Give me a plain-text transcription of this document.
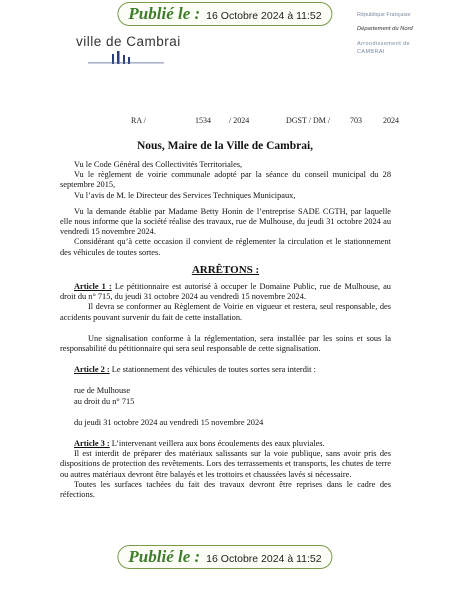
Publié le : 16 Octobre 2024 à 11:52
ville de Cambrai
République Française
Département du Nord
Arrondissement de CAMBRAI
RA /	1534 / 2024	DGST / DM / 703	2024
Nous, Maire de la Ville de Cambrai,

Vu le Code Général des Collectivités Territoriales,

Vu le règlement de voirie communale adopté par la séance du conseil municipal du 28 septembre 2015,

Vu l’avis de M. le Directeur des Services Techniques Municipaux,

Vu la demande établie par Madame Betty Honin de l’entreprise SADE CGTH, par laquelle elle nous informe que la société réalise des travaux, rue de Mulhouse, du jeudi 31 octobre 2024 au vendredi 15 novembre 2024.

Considérant qu’à cette occasion il convient de réglementer la circulation et le stationnement des véhicules de toutes sortes.

ARRÊTONS :

Article 1 : Le pétitionnaire est autorisé à occuper le Domaine Public, rue de Mulhouse, au droit du n° 715, du jeudi 31 octobre 2024 au vendredi 15 novembre 2024.

Il devra se conformer au Règlement de Voirie en vigueur et restera, seul responsable, des accidents pouvant survenir du fait de cette installation.

Une signalisation conforme à la réglementation, sera installée par les soins et sous la responsabilité du pétitionnaire qui sera seul responsable de cette signalisation.

Article 2 : Le stationnement des véhicules de toutes sortes sera interdit :

rue de Mulhouse

au droit du n° 715

du jeudi 31 octobre 2024 au vendredi 15 novembre 2024

Article 3 : L’intervenant veillera aux bons écoulements des eaux pluviales.

Il est interdit de préparer des matériaux salissants sur la voie publique, sans avoir pris des dispositions de protection des revêtements. Lors des terrassements et transports, les chutes de terre ou autres matériaux devront être balayés et les trottoirs et chaussées lavés si nécessaire.

Toutes les surfaces tachées du fait des travaux devront être reprises dans le cadre des réfections.

Publié le : 16 Octobre 2024 à 11:52
